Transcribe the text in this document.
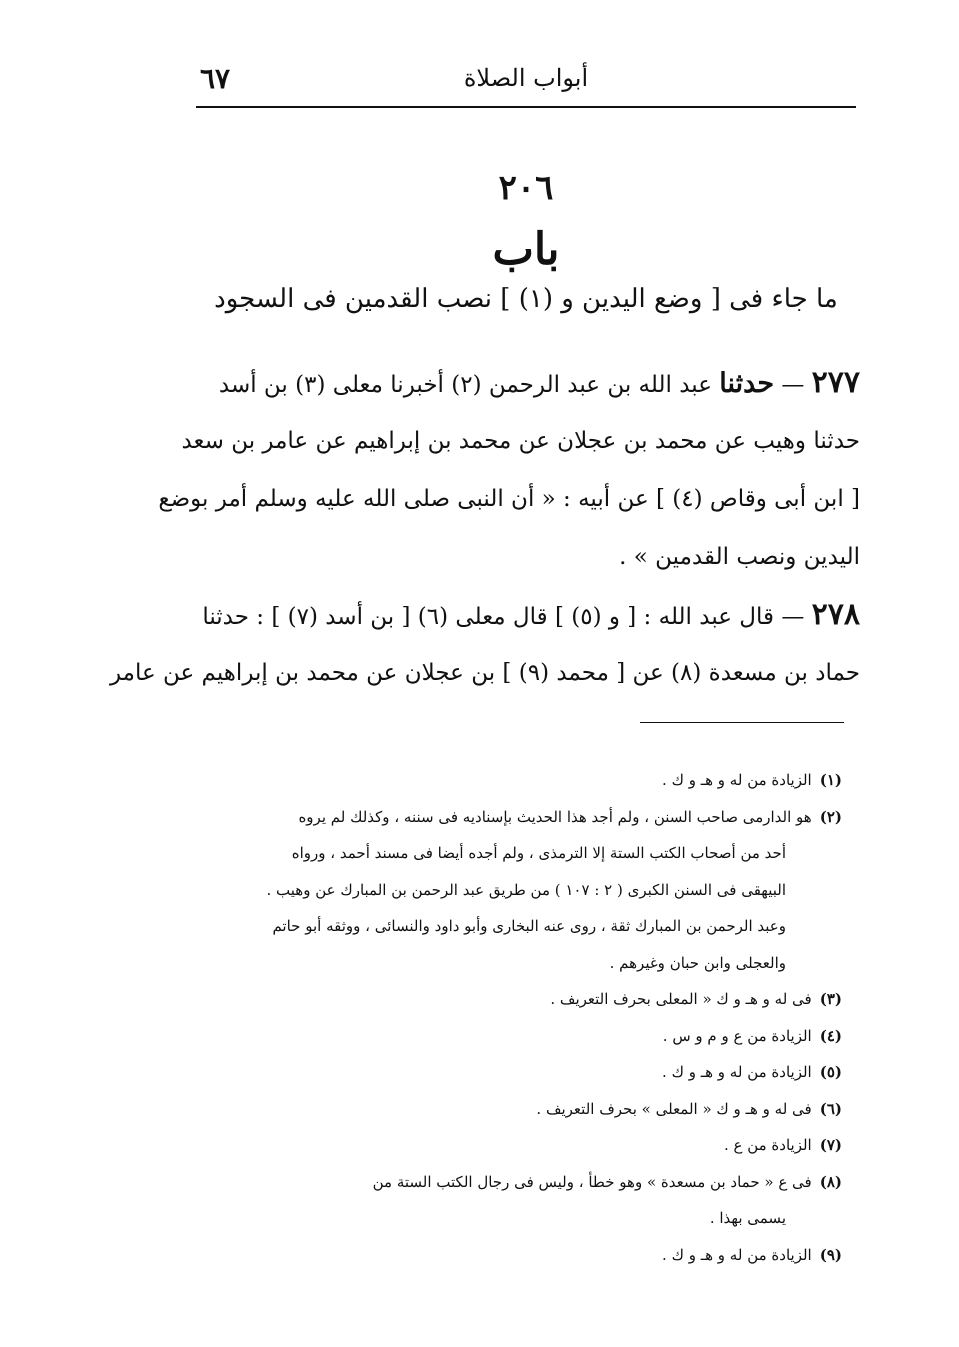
٦٧	أبواب الصلاة
٢٠٦
باب
ما جاء فى [ وضع اليدين و (١) ] نصب القدمين فى السجود
٢٧٧ — حدثنا عبد الله بن عبد الرحمن (٢) أخبرنا معلى (٣) بن أسد
حدثنا وهيب عن محمد بن عجلان عن محمد بن إبراهيم عن عامر بن سعد
[ ابن أبى وقاص (٤) ] عن أبيه : « أن النبى صلى الله عليه وسلم أمر بوضع
اليدين ونصب القدمين » .
٢٧٨ — قال عبد الله : [ و (٥) ] قال معلى (٦) [ بن أسد (٧) ] : حدثنا
حماد بن مسعدة (٨) عن [ محمد (٩) ] بن عجلان عن محمد بن إبراهيم عن عامر
(١)الزيادة من له و هـ و ك .
(٢)هو الدارمى صاحب السنن ، ولم أجد هذا الحديث بإسناديه فى سننه ، وكذلك لم يروه
أحد من أصحاب الكتب الستة إلا الترمذى ، ولم أجده أيضا فى مسند أحمد ، ورواه
البيهقى فى السنن الكبرى ( ٢ : ١٠٧ ) من طريق عبد الرحمن بن المبارك عن وهيب .
وعبد الرحمن بن المبارك ثقة ، روى عنه البخارى وأبو داود والنسائى ، ووثقه أبو حاتم
والعجلى وابن حبان وغيرهم .
(٣)فى له و هـ و ك « المعلى بحرف التعريف .
(٤)الزيادة من ع و م و س .
(٥)الزيادة من له و هـ و ك .
(٦)فى له و هـ و ك « المعلى » بحرف التعريف .
(٧)الزيادة من ع .
(٨)فى ع « حماد بن مسعدة » وهو خطأ ، وليس فى رجال الكتب الستة من
يسمى بهذا .
(٩)الزيادة من له و هـ و ك .
